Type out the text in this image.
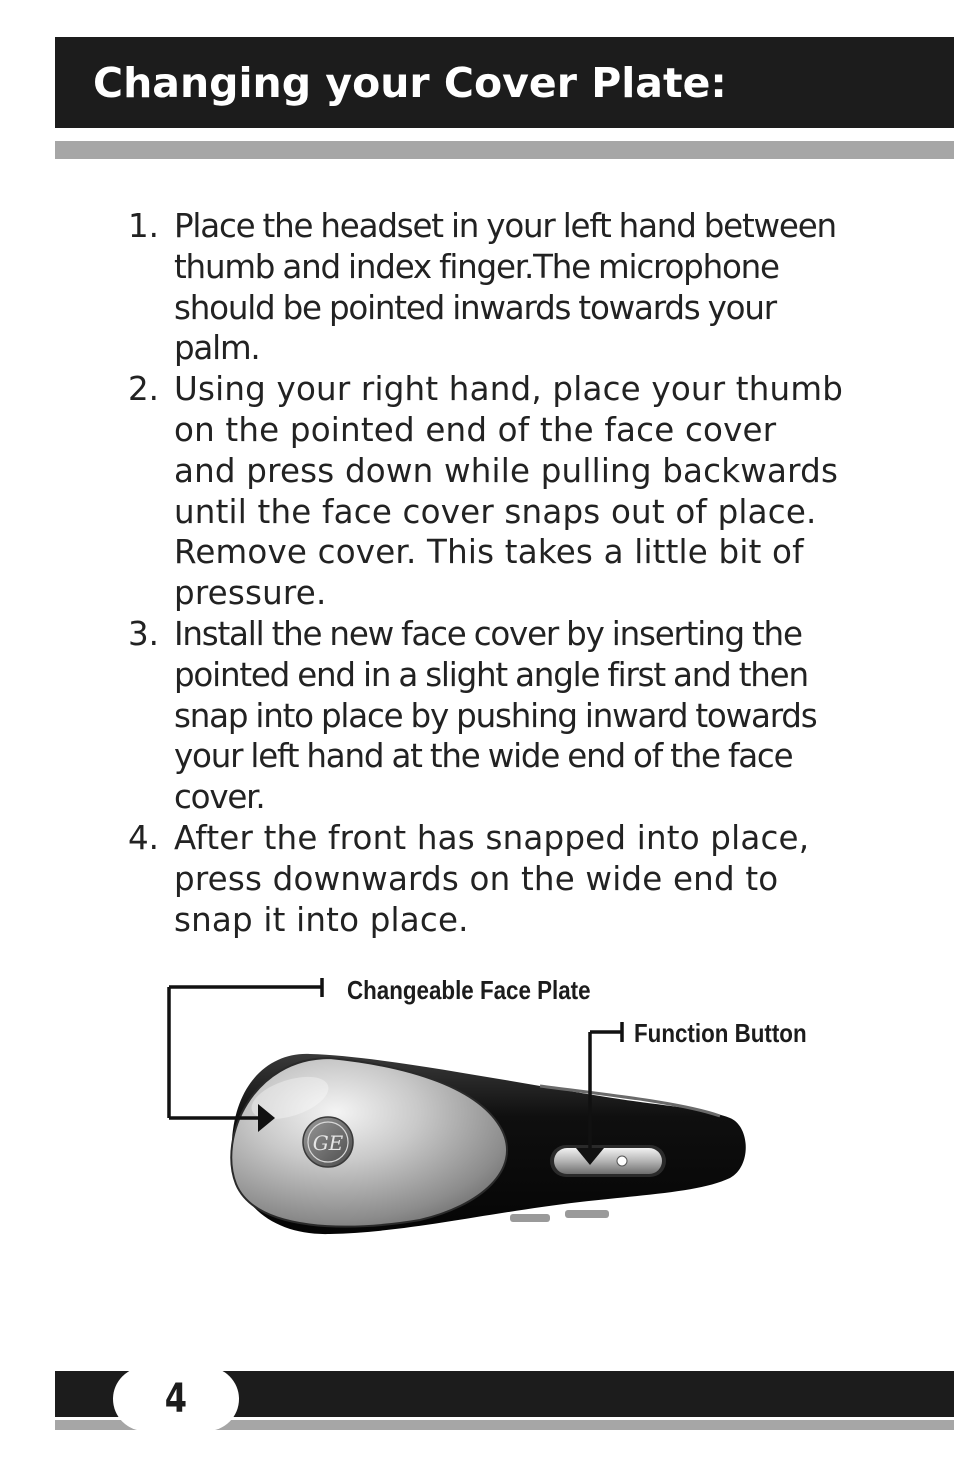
Changing your Cover Plate:
1. Place the headset in your left hand between thumb and index finger.The microphone should be pointed inwards towards your palm.
2. Using your right hand, place your thumb on the pointed end of the face cover and press down while pulling backwards until the face cover snaps out of place. Remove cover. This takes a little bit of pressure.
3. Install the new face cover by inserting the pointed end in a slight angle first and then snap into place by pushing inward towards your left hand at the wide end of the face cover.
4. After the front has snapped into place, press downwards on the wide end to snap it into place.
GE
Changeable Face Plate
Function Button
4
